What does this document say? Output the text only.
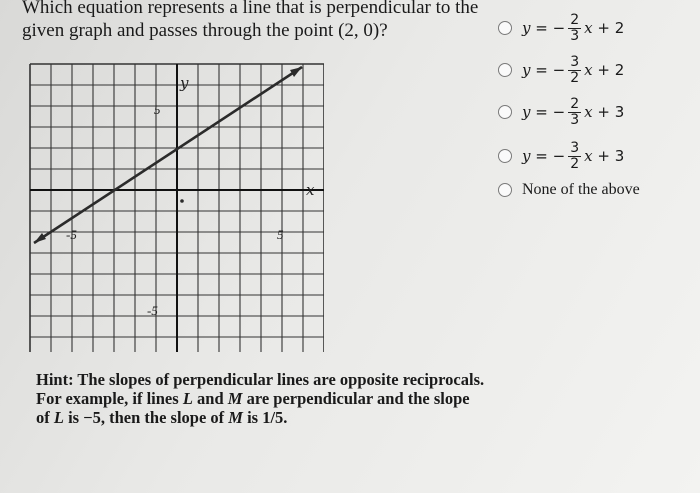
Which equation represents a line that is perpendicular to the given graph and passes through the point (2, 0)?
y
x
-5	5
5
-5
y
=
− $\frac{2}{3}$ x
+ 2
y
=
− $\frac{3}{2}$ x
+ 2
y
=
− $\frac{2}{3}$ x
+ 3
y
=
− $\frac{3}{2}$ x
+ 3
None of the above
Hint: The slopes of perpendicular lines are opposite reciprocals. For example, if lines L and M are perpendicular and the slope of L is −5, then the slope of M is 1/5.
